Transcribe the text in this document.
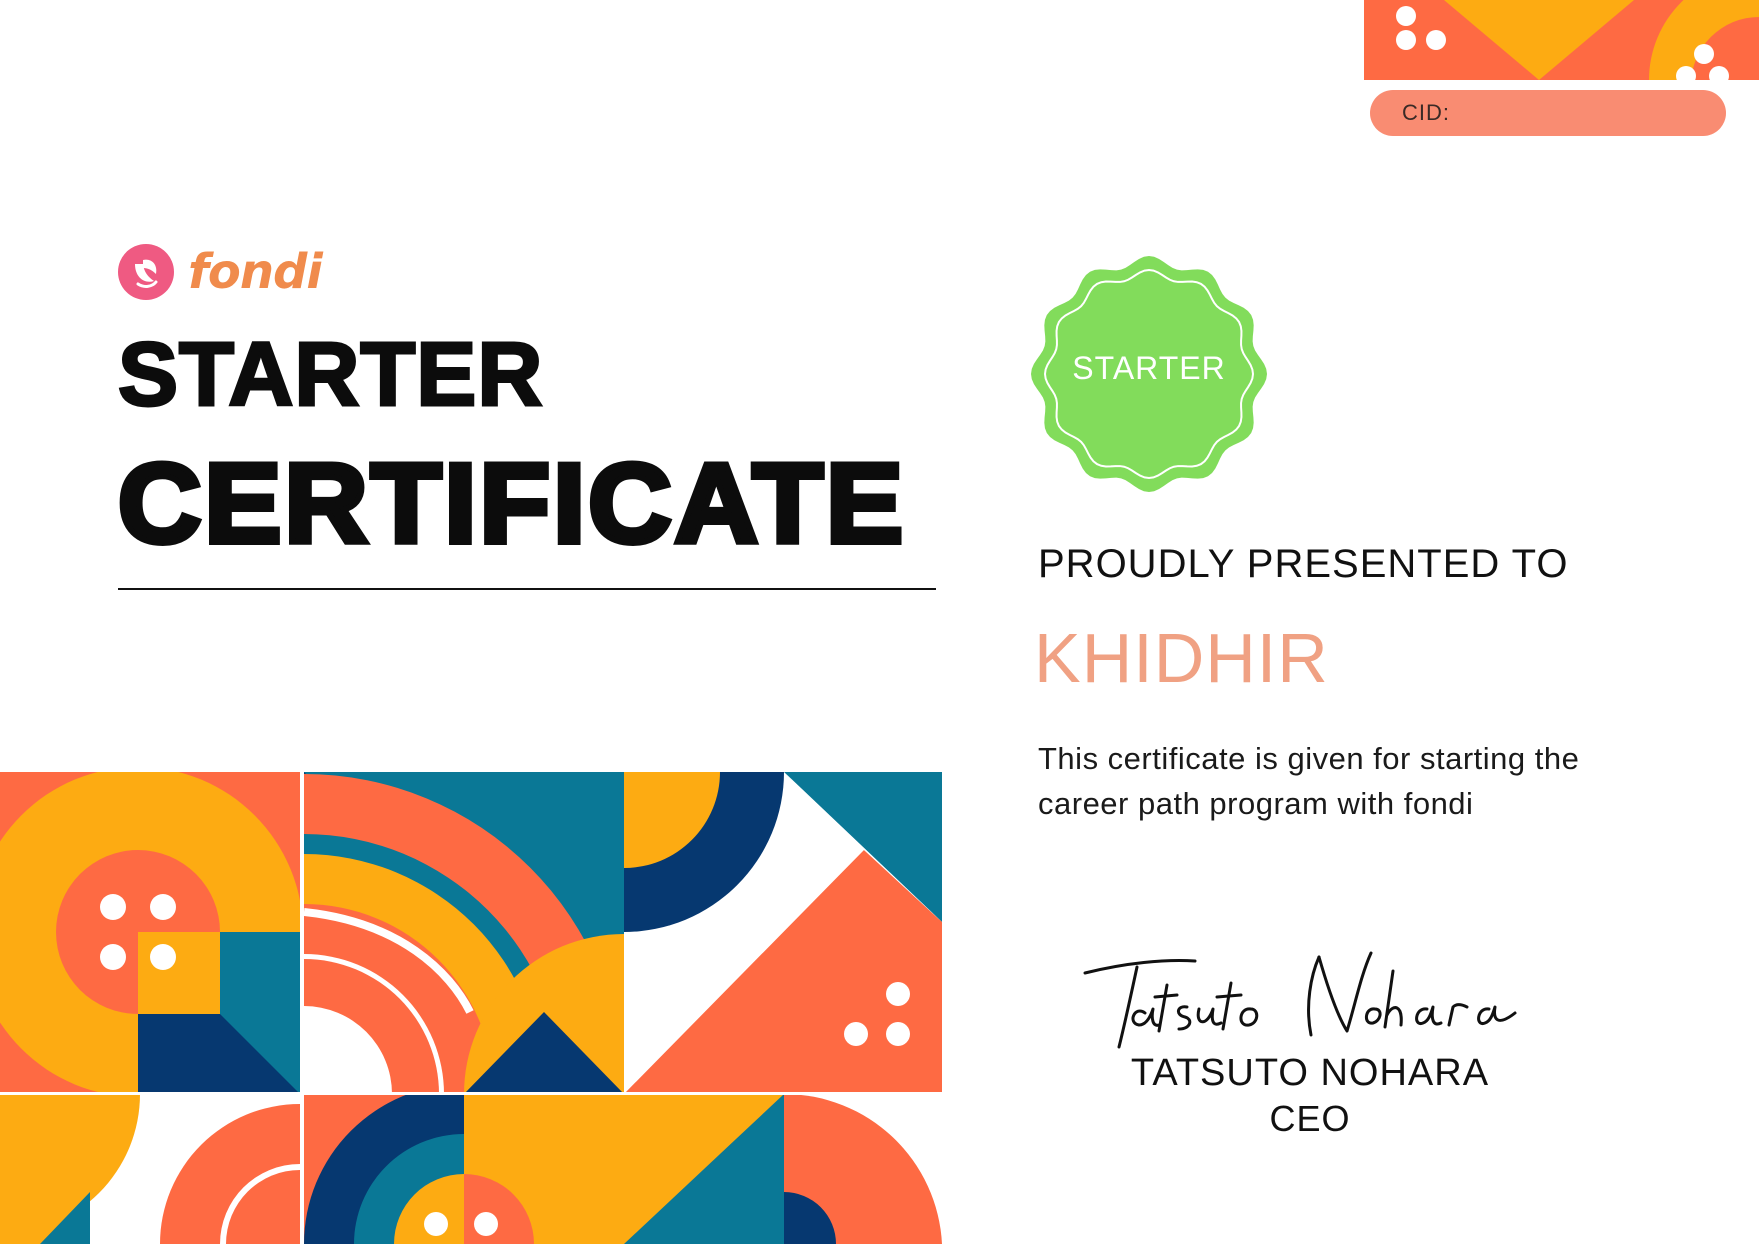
CID:
fondi
STARTER
CERTIFICATE
STARTER
PROUDLY PRESENTED TO
KHIDHIR
This certificate is given for starting the career path program with fondi
TATSUTO NOHARA
CEO
